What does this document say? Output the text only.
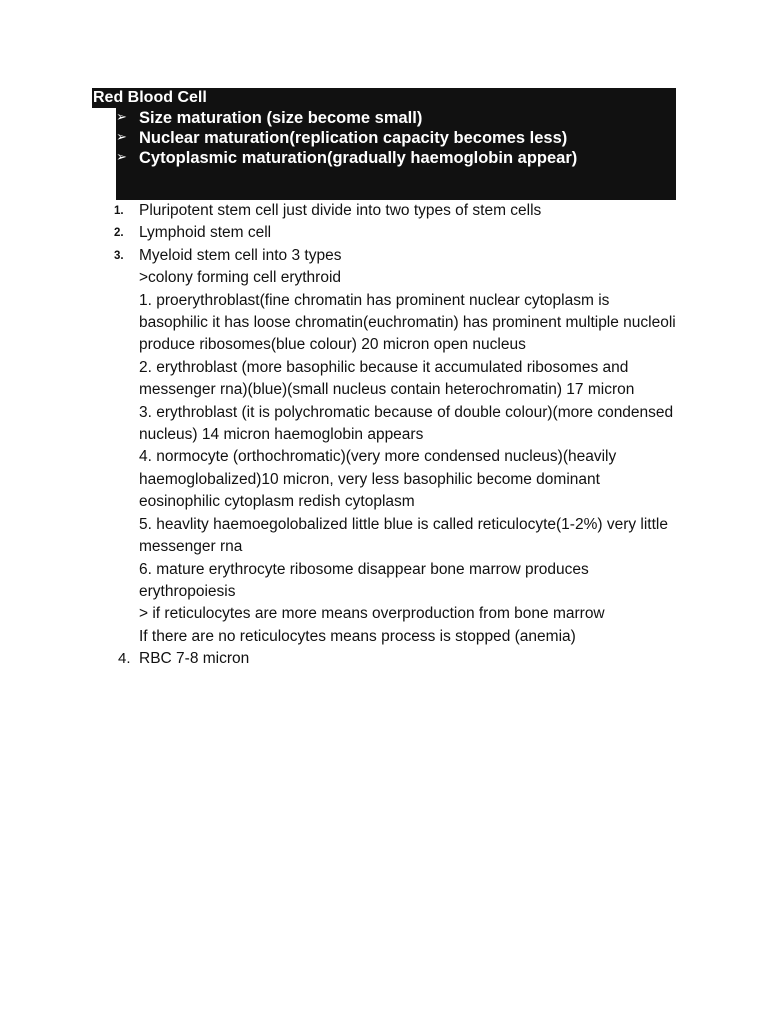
Red Blood Cell
➢ Size maturation (size become small)
➢ Nuclear maturation(replication capacity becomes less)
➢ Cytoplasmic maturation(gradually haemoglobin appear)
1. Pluripotent stem cell just divide into two types of stem cells
2. Lymphoid stem cell
3. Myeloid stem cell into 3 types
>colony forming cell erythroid
1. proerythroblast(fine chromatin has prominent nuclear cytoplasm is basophilic it has loose chromatin(euchromatin) has prominent multiple nucleoli produce ribosomes(blue colour) 20 micron open nucleus
2. erythroblast (more basophilic because it accumulated ribosomes and messenger rna)(blue)(small nucleus contain heterochromatin) 17 micron
3. erythroblast (it is polychromatic because of double colour)(more condensed nucleus) 14 micron haemoglobin appears
4. normocyte (orthochromatic)(very more condensed nucleus)(heavily haemoglobalized)10 micron, very less basophilic become dominant eosinophilic cytoplasm redish cytoplasm
5. heavlity haemoegolobalized little blue is called reticulocyte(1-2%) very little messenger rna
6. mature erythrocyte ribosome disappear bone marrow produces erythropoiesis
> if reticulocytes are more means overproduction from bone marrow
If there are no reticulocytes means process is stopped (anemia)
4. RBC 7-8 micron
